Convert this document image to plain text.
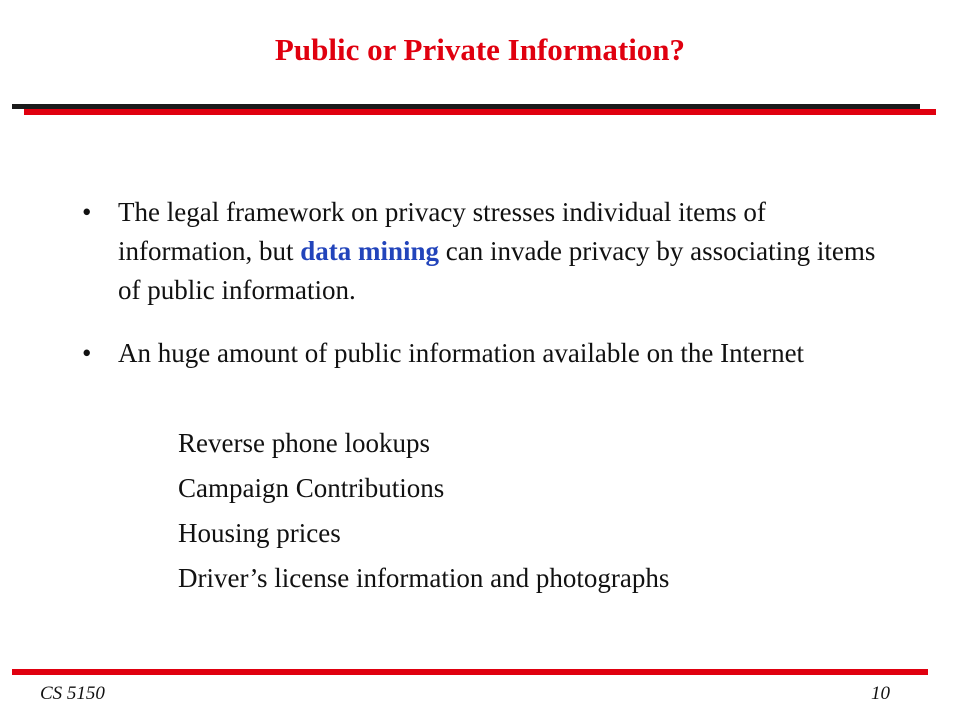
Public or Private Information?
• The legal framework on privacy stresses individual items of information, but data mining can invade privacy by associating items of public information.
• An huge amount of public information available on the Internet
Reverse phone lookups
Campaign Contributions
Housing prices
Driver’s license information and photographs
CS 5150	10
